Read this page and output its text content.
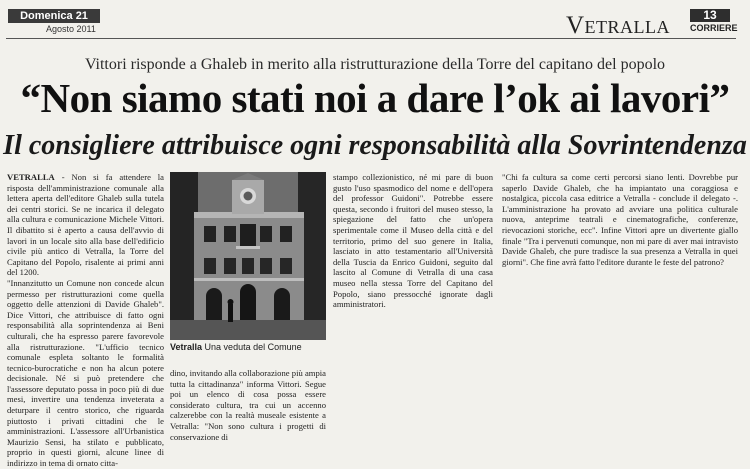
Domenica 21
Agosto 2011	Vetralla	13
CORRIERE
Vittori risponde a Ghaleb in merito alla ristrutturazione della Torre del capitano del popolo
“Non siamo stati noi a dare l’ok ai lavori”
Il consigliere attribuisce ogni responsabilità alla Sovrintendenza

VETRALLA - Non si fa attendere la risposta dell'amministrazione comunale alla lettera aperta dell'editore Ghaleb sulla tutela dei centri storici. Se ne incarica il delegato alla cultura e comunicazione Michele Vittori. Il dibattito si è aperto a causa dell'avvio di lavori in un locale sito alla base dell'edificio civile più antico di Vetralla, la Torre del Capitano del Popolo, risalente ai primi anni del 1200.

"Innanzitutto un Comune non concede alcun permesso per ristrutturazioni come quella oggetto delle attenzioni di Davide Ghaleb". Dice Vittori, che attribuisce di fatto ogni responsabilità alla soprintendenza ai Beni culturali, che ha espresso parere favorevole alla ristrutturazione. "L'ufficio tecnico comunale espleta soltanto le formalità tecnico-burocratiche e non ha alcun potere decisionale. Né si può pretendere che l'assessore deputato possa in poco più di due mesi, invertire una tendenza inveterata a deturpare il centro storico, che riguarda piuttosto i privati cittadini che le amministrazioni. L'assessore all'Urbanistica Maurizio Sensi, ha stilato e pubblicato, proprio in questi giorni, alcune linee di indirizzo in tema di ornato citta-

Vetralla Una veduta del Comune

dino, invitando alla collaborazione più ampia tutta la cittadinanza" informa Vittori. Segue poi un elenco di cosa possa essere considerato cultura, tra cui un accenno calzerebbe con la realtà museale esistente a Vetralla: "Non sono cultura i progetti di conservazione di

stampo collezionistico, né mi pare di buon gusto l'uso spasmodico del nome e dell'opera del professor Guidoni". Potrebbe essere questa, secondo i fruitori del museo stesso, la spiegazione del fatto che un'opera sperimentale come il Museo della città e del territorio, primo del suo genere in Italia, lasciato in atto testamentario all'Università della Tuscia da Enrico Guidoni, seguito dal lascito al Comune di Vetralla di una casa museo nella stessa Torre del Capitano del Popolo, siano pressocché ignorate dagli amministratori.

"Chi fa cultura sa come certi percorsi siano lenti. Dovrebbe pur saperlo Davide Ghaleb, che ha impiantato una coraggiosa e nostalgica, piccola casa editrice a Vetralla - conclude il delegato -. L'amministrazione ha provato ad avviare una politica culturale nuova, anteprime teatrali e cinematografiche, conferenze, rievocazioni storiche, ecc". Infine Vittori apre un divertente giallo finale "Tra i pervenuti comunque, non mi pare di aver mai intravisto Davide Ghaleb, che pure tradisce la sua presenza a Vetralla in quei giorni". Che fine avrà fatto l'editore durante le feste del patrono?
